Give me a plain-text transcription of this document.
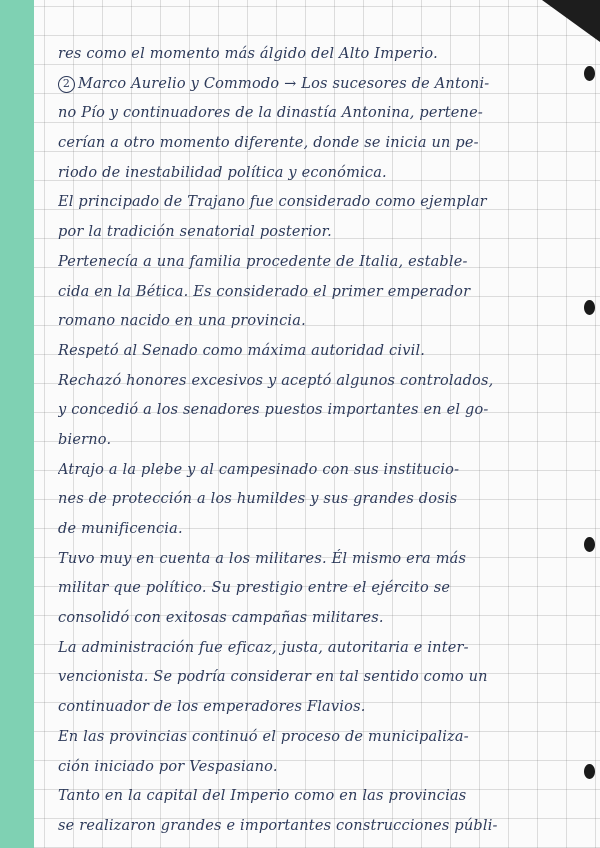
res como el momento más álgido del Alto Imperio.
2 Marco Aurelio y Commodo → Los sucesores de Antoni-
no Pío y continuadores de la dinastía Antonina, pertene-
cerían a otro momento diferente, donde se inicia un pe-
riodo de inestabilidad política y económica.
El principado de Trajano fue considerado como ejemplar
por la tradición senatorial posterior.
Pertenecía a una familia procedente de Italia, estable-
cida en la Bética. Es considerado el primer emperador
romano nacido en una provincia.
Respetó al Senado como máxima autoridad civil.
Rechazó honores excesivos y aceptó algunos controlados,
y concedió a los senadores puestos importantes en el go-
bierno.
Atrajo a la plebe y al campesinado con sus institucio-
nes de protección a los humildes y sus grandes dosis
de munificencia.
Tuvo muy en cuenta a los militares. Él mismo era más
militar que político. Su prestigio entre el ejército se
consolidó con exitosas campañas militares.
La administración fue eficaz, justa, autoritaria e inter-
vencionista. Se podría considerar en tal sentido como un
continuador de los emperadores Flavios.
En las provincias continuó el proceso de municipaliza-
ción iniciado por Vespasiano.
Tanto en la capital del Imperio como en las provincias
se realizaron grandes e importantes construcciones públi-
